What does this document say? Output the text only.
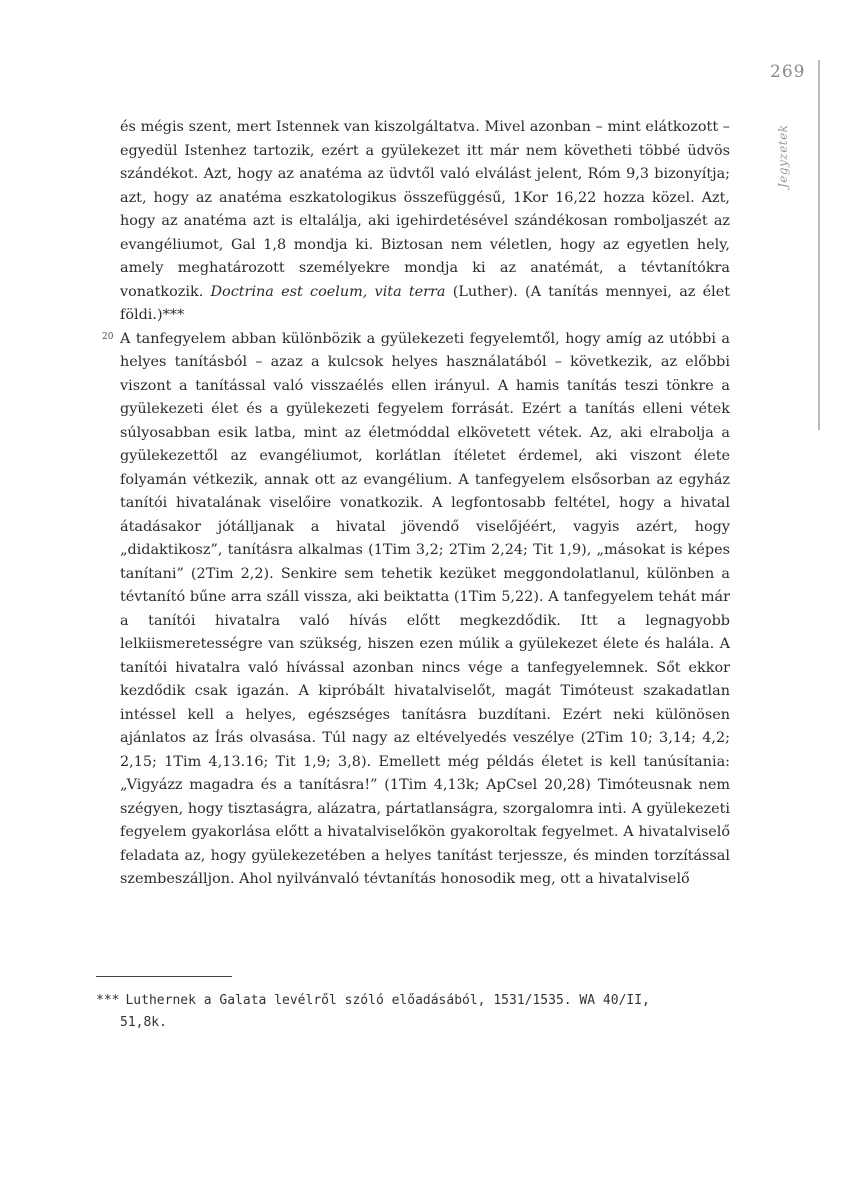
269
Jegyzetek

és mégis szent, mert Istennek van kiszolgáltatva. Mivel azonban – mint elátkozott – egyedül Istenhez tartozik, ezért a gyülekezet itt már nem követheti többé üdvös szándékot. Azt, hogy az anatéma az üdvtől való elválást jelent, Róm 9,3 bizonyítja; azt, hogy az anatéma eszkatologikus összefüggésű, 1Kor 16,22 hozza közel. Azt, hogy az anatéma azt is eltalálja, aki igehirdetésével szándékosan romboljaszét az evangéliumot, Gal 1,8 mondja ki. Biztosan nem véletlen, hogy az egyetlen hely, amely meghatározott személyekre mondja ki az anatémát, a tévtanítókra vonatkozik. Doctrina est coelum, vita terra (Luther). (A tanítás mennyei, az élet földi.)***

A tanfegyelem abban különbözik a gyülekezeti fegyelemtől, hogy amíg az utóbbi a helyes tanításból – azaz a kulcsok helyes használatából – következik, az előbbi viszont a tanítással való visszaélés ellen irányul. A hamis tanítás teszi tönkre a gyülekezeti élet és a gyülekezeti fegyelem forrását. Ezért a tanítás elleni vétek súlyosabban esik latba, mint az életmóddal elkövetett vétek. Az, aki elrabolja a gyülekezettől az evangéliumot, korlátlan ítéletet érdemel, aki viszont élete folyamán vétkezik, annak ott az evangélium. A tanfegyelem elsősorban az egyház tanítói hivatalának viselőire vonatkozik. A legfontosabb feltétel, hogy a hivatal átadásakor jótálljanak a hivatal jövendő viselőjéért, vagyis azért, hogy „didaktikosz”, tanításra alkalmas (1Tim 3,2; 2Tim 2,24; Tit 1,9), „másokat is képes tanítani” (2Tim 2,2). Senkire sem tehetik kezüket meggondolatlanul, különben a tévtanító bűne arra száll vissza, aki beiktatta (1Tim 5,22). A tanfegyelem tehát már a tanítói hivatalra való hívás előtt megkezdődik. Itt a legnagyobb lelkiismeretességre van szükség, hiszen ezen múlik a gyülekezet élete és halála. A tanítói hivatalra való hívással azonban nincs vége a tanfegyelemnek. Sőt ekkor kezdődik csak igazán. A kipróbált hivatalviselőt, magát Timóteust szakadatlan intéssel kell a helyes, egészséges tanításra buzdítani. Ezért neki különösen ajánlatos az Írás olvasása. Túl nagy az eltévelyedés veszélye (2Tim 10; 3,14; 4,2; 2,15; 1Tim 4,13.16; Tit 1,9; 3,8). Emellett még példás életet is kell tanúsítania: „Vigyázz magadra és a tanításra!” (1Tim 4,13k; ApCsel 20,28) Timóteusnak nem szégyen, hogy tisztaságra, alázatra, pártatlanságra, szorgalomra inti. A gyülekezeti fegyelem gyakorlása előtt a hivatalviselőkön gyakoroltak fegyelmet. A hivatalviselő feladata az, hogy gyülekezetében a helyes tanítást terjessze, és minden torzítással szembeszálljon. Ahol nyilvánvaló tévtanítás honosodik meg, ott a hivatalviselő

20
*** Luthernek a Galata levélről szóló előadásából, 1531/1535. WA 40/II,
51,8k.
